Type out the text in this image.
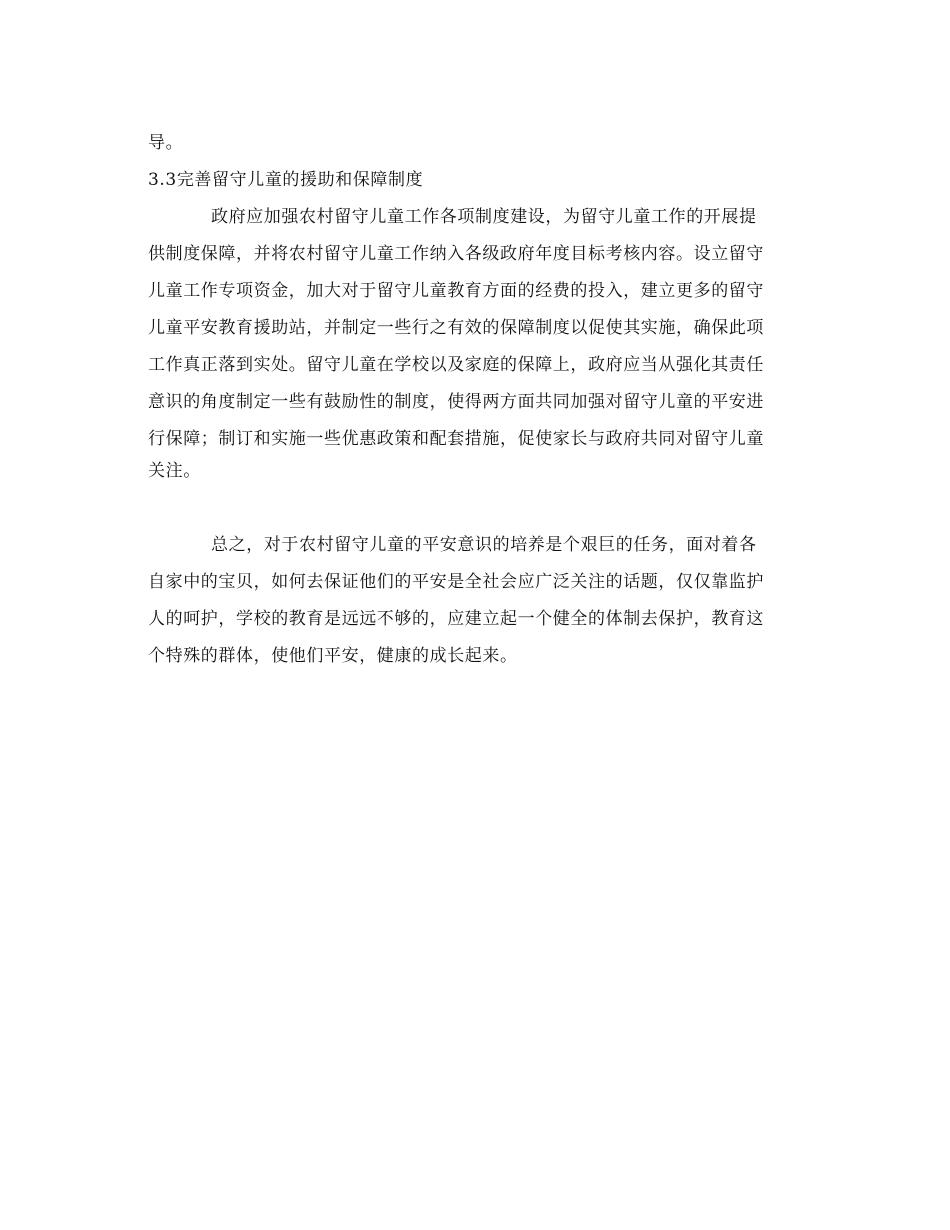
导。
3.3完善留守儿童的援助和保障制度
政府应加强农村留守儿童工作各项制度建设，为留守儿童工作的开展提
供制度保障，并将农村留守儿童工作纳入各级政府年度目标考核内容。设立留守
儿童工作专项资金，加大对于留守儿童教育方面的经费的投入，建立更多的留守
儿童平安教育援助站，并制定一些行之有效的保障制度以促使其实施，确保此项
工作真正落到实处。留守儿童在学校以及家庭的保障上，政府应当从强化其责任
意识的角度制定一些有鼓励性的制度，使得两方面共同加强对留守儿童的平安进
行保障；制订和实施一些优惠政策和配套措施，促使家长与政府共同对留守儿童
关注。
总之，对于农村留守儿童的平安意识的培养是个艰巨的任务，面对着各
自家中的宝贝，如何去保证他们的平安是全社会应广泛关注的话题，仅仅靠监护
人的呵护，学校的教育是远远不够的，应建立起一个健全的体制去保护，教育这
个特殊的群体，使他们平安，健康的成长起来。
